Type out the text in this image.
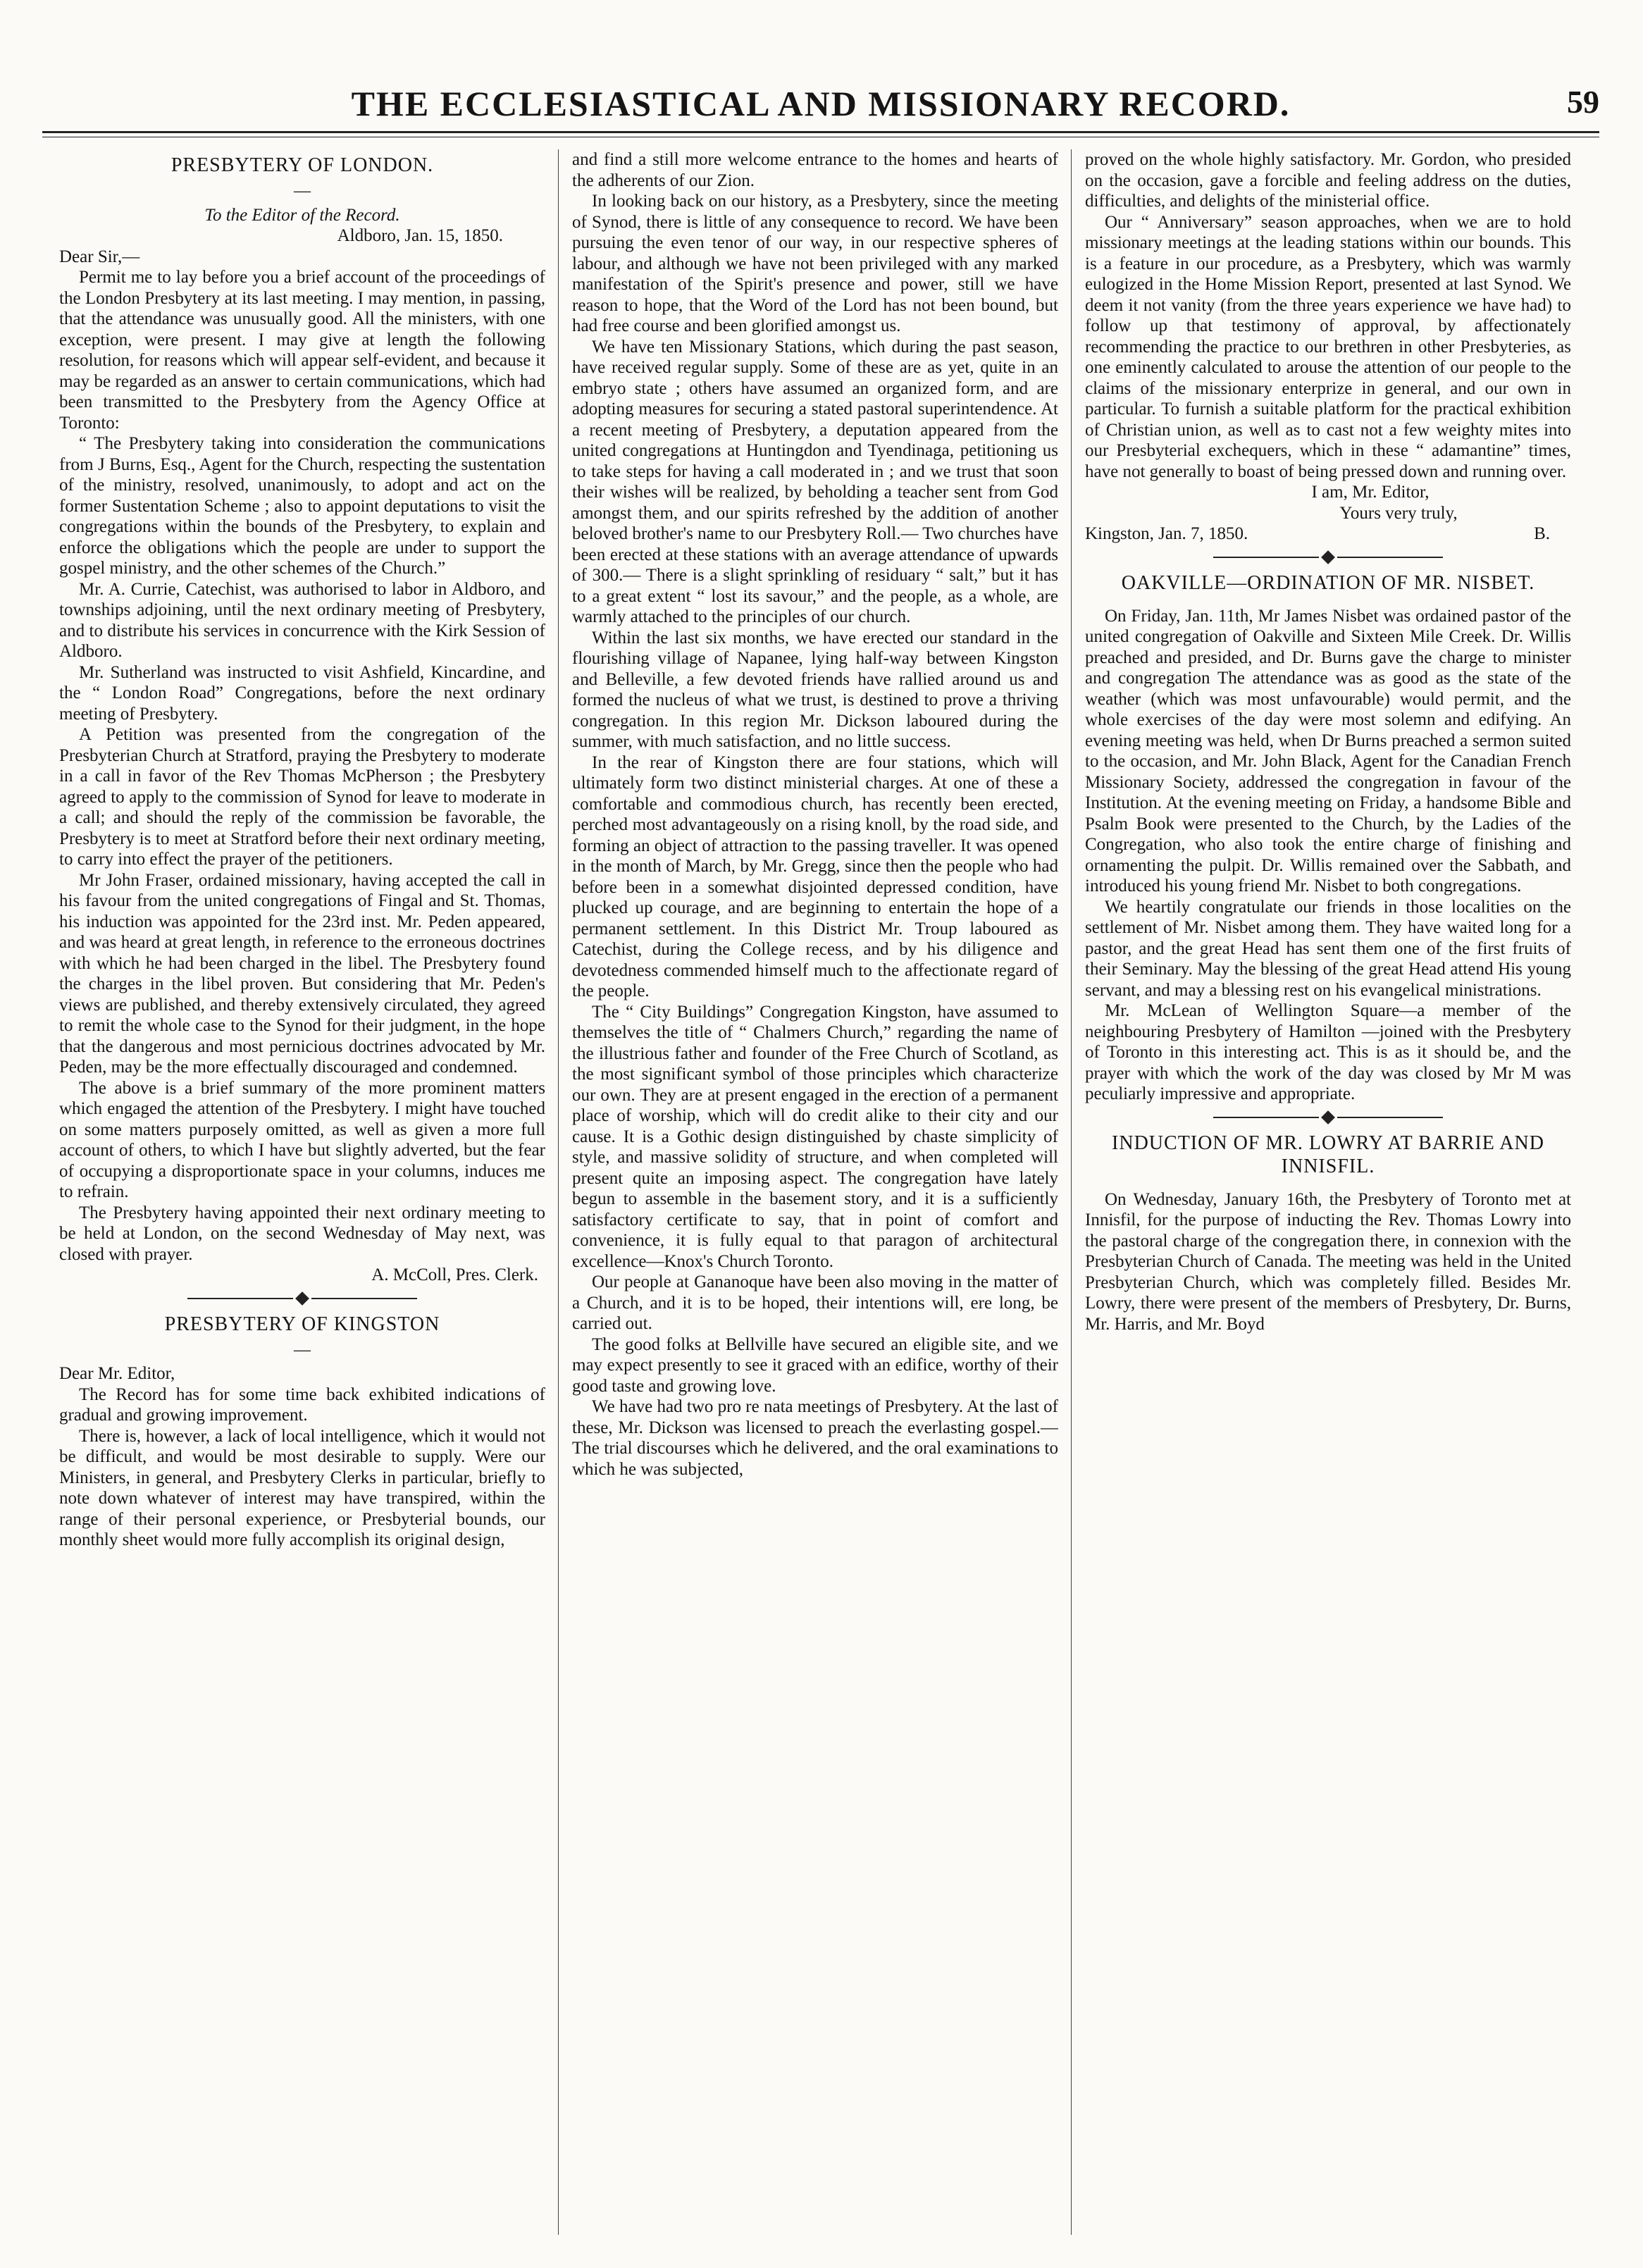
THE ECCLESIASTICAL AND MISSIONARY RECORD.	59
PRESBYTERY OF LONDON.
—
To the Editor of the Record.
Aldboro, Jan. 15, 1850.

Dear Sir,—

Permit me to lay before you a brief account of the proceedings of the London Presbytery at its last meeting. I may mention, in passing, that the attendance was unusually good. All the ministers, with one exception, were present. I may give at length the following resolution, for reasons which will appear self-evident, and because it may be regarded as an answer to certain communications, which had been transmitted to the Presbytery from the Agency Office at Toronto:

“ The Presbytery taking into consideration the communications from J Burns, Esq., Agent for the Church, respecting the sustentation of the ministry, resolved, unanimously, to adopt and act on the former Sustentation Scheme ; also to appoint deputations to visit the congregations within the bounds of the Presbytery, to explain and enforce the obligations which the people are under to support the gospel ministry, and the other schemes of the Church.”

Mr. A. Currie, Catechist, was authorised to labor in Aldboro, and townships adjoining, until the next ordinary meeting of Presbytery, and to distribute his services in concurrence with the Kirk Session of Aldboro.

Mr. Sutherland was instructed to visit Ashfield, Kincardine, and the “ London Road” Congregations, before the next ordinary meeting of Presbytery.

A Petition was presented from the congregation of the Presbyterian Church at Stratford, praying the Presbytery to moderate in a call in favor of the Rev Thomas McPherson ; the Presbytery agreed to apply to the commission of Synod for leave to moderate in a call; and should the reply of the commission be favorable, the Presbytery is to meet at Stratford before their next ordinary meeting, to carry into effect the prayer of the petitioners.

Mr John Fraser, ordained missionary, having accepted the call in his favour from the united congregations of Fingal and St. Thomas, his induction was appointed for the 23rd inst. Mr. Peden appeared, and was heard at great length, in reference to the erroneous doctrines with which he had been charged in the libel. The Presbytery found the charges in the libel proven. But considering that Mr. Peden's views are published, and thereby extensively circulated, they agreed to remit the whole case to the Synod for their judgment, in the hope that the dangerous and most pernicious doctrines advocated by Mr. Peden, may be the more effectually discouraged and condemned.

The above is a brief summary of the more prominent matters which engaged the attention of the Presbytery. I might have touched on some matters purposely omitted, as well as given a more full account of others, to which I have but slightly adverted, but the fear of occupying a disproportionate space in your columns, induces me to refrain.

The Presbytery having appointed their next ordinary meeting to be held at London, on the second Wednesday of May next, was closed with prayer.

A. McColl, Pres. Clerk.
PRESBYTERY OF KINGSTON
—

Dear Mr. Editor,

The Record has for some time back exhibited indications of gradual and growing improvement.

There is, however, a lack of local intelligence, which it would not be difficult, and would be most desirable to supply. Were our Ministers, in general, and Presbytery Clerks in particular, briefly to note down whatever of interest may have transpired, within the range of their personal experience, or Presbyterial bounds, our monthly sheet would more fully accomplish its original design,

and find a still more welcome entrance to the homes and hearts of the adherents of our Zion.

In looking back on our history, as a Presbytery, since the meeting of Synod, there is little of any consequence to record. We have been pursuing the even tenor of our way, in our respective spheres of labour, and although we have not been privileged with any marked manifestation of the Spirit's presence and power, still we have reason to hope, that the Word of the Lord has not been bound, but had free course and been glorified amongst us.

We have ten Missionary Stations, which during the past season, have received regular supply. Some of these are as yet, quite in an embryo state ; others have assumed an organized form, and are adopting measures for securing a stated pastoral superintendence. At a recent meeting of Presbytery, a deputation appeared from the united congregations at Huntingdon and Tyendinaga, petitioning us to take steps for having a call moderated in ; and we trust that soon their wishes will be realized, by beholding a teacher sent from God amongst them, and our spirits refreshed by the addition of another beloved brother's name to our Presbytery Roll.— Two churches have been erected at these stations with an average attendance of upwards of 300.— There is a slight sprinkling of residuary “ salt,” but it has to a great extent “ lost its savour,” and the people, as a whole, are warmly attached to the principles of our church.

Within the last six months, we have erected our standard in the flourishing village of Napanee, lying half-way between Kingston and Belleville, a few devoted friends have rallied around us and formed the nucleus of what we trust, is destined to prove a thriving congregation. In this region Mr. Dickson laboured during the summer, with much satisfaction, and no little success.

In the rear of Kingston there are four stations, which will ultimately form two distinct ministerial charges. At one of these a comfortable and commodious church, has recently been erected, perched most advantageously on a rising knoll, by the road side, and forming an object of attraction to the passing traveller. It was opened in the month of March, by Mr. Gregg, since then the people who had before been in a somewhat disjointed depressed condition, have plucked up courage, and are beginning to entertain the hope of a permanent settlement. In this District Mr. Troup laboured as Catechist, during the College recess, and by his diligence and devotedness commended himself much to the affectionate regard of the people.

The “ City Buildings” Congregation Kingston, have assumed to themselves the title of “ Chalmers Church,” regarding the name of the illustrious father and founder of the Free Church of Scotland, as the most significant symbol of those principles which characterize our own. They are at present engaged in the erection of a permanent place of worship, which will do credit alike to their city and our cause. It is a Gothic design distinguished by chaste simplicity of style, and massive solidity of structure, and when completed will present quite an imposing aspect. The congregation have lately begun to assemble in the basement story, and it is a sufficiently satisfactory certificate to say, that in point of comfort and convenience, it is fully equal to that paragon of architectural excellence—Knox's Church Toronto.

Our people at Gananoque have been also moving in the matter of a Church, and it is to be hoped, their intentions will, ere long, be carried out.

The good folks at Bellville have secured an eligible site, and we may expect presently to see it graced with an edifice, worthy of their good taste and growing love.

We have had two pro re nata meetings of Presbytery. At the last of these, Mr. Dickson was licensed to preach the everlasting gospel.— The trial discourses which he delivered, and the oral examinations to which he was subjected,

proved on the whole highly satisfactory. Mr. Gordon, who presided on the occasion, gave a forcible and feeling address on the duties, difficulties, and delights of the ministerial office.

Our “ Anniversary” season approaches, when we are to hold missionary meetings at the leading stations within our bounds. This is a feature in our procedure, as a Presbytery, which was warmly eulogized in the Home Mission Report, presented at last Synod. We deem it not vanity (from the three years experience we have had) to follow up that testimony of approval, by affectionately recommending the practice to our brethren in other Presbyteries, as one eminently calculated to arouse the attention of our people to the claims of the missionary enterprize in general, and our own in particular. To furnish a suitable platform for the practical exhibition of Christian union, as well as to cast not a few weighty mites into our Presbyterial exchequers, which in these “ adamantine” times, have not generally to boast of being pressed down and running over.

I am, Mr. Editor,
Yours very truly,
Kingston, Jan. 7, 1850.	B.
OAKVILLE—ORDINATION OF MR. NISBET.

On Friday, Jan. 11th, Mr James Nisbet was ordained pastor of the united congregation of Oakville and Sixteen Mile Creek. Dr. Willis preached and presided, and Dr. Burns gave the charge to minister and congregation The attendance was as good as the state of the weather (which was most unfavourable) would permit, and the whole exercises of the day were most solemn and edifying. An evening meeting was held, when Dr Burns preached a sermon suited to the occasion, and Mr. John Black, Agent for the Canadian French Missionary Society, addressed the congregation in favour of the Institution. At the evening meeting on Friday, a handsome Bible and Psalm Book were presented to the Church, by the Ladies of the Congregation, who also took the entire charge of finishing and ornamenting the pulpit. Dr. Willis remained over the Sabbath, and introduced his young friend Mr. Nisbet to both congregations.

We heartily congratulate our friends in those localities on the settlement of Mr. Nisbet among them. They have waited long for a pastor, and the great Head has sent them one of the first fruits of their Seminary. May the blessing of the great Head attend His young servant, and may a blessing rest on his evangelical ministrations.

Mr. McLean of Wellington Square—a member of the neighbouring Presbytery of Hamilton —joined with the Presbytery of Toronto in this interesting act. This is as it should be, and the prayer with which the work of the day was closed by Mr M was peculiarly impressive and appropriate.

INDUCTION OF MR. LOWRY AT BARRIE AND INNISFIL.

On Wednesday, January 16th, the Presbytery of Toronto met at Innisfil, for the purpose of inducting the Rev. Thomas Lowry into the pastoral charge of the congregation there, in connexion with the Presbyterian Church of Canada. The meeting was held in the United Presbyterian Church, which was completely filled. Besides Mr. Lowry, there were present of the members of Presbytery, Dr. Burns, Mr. Harris, and Mr. Boyd
